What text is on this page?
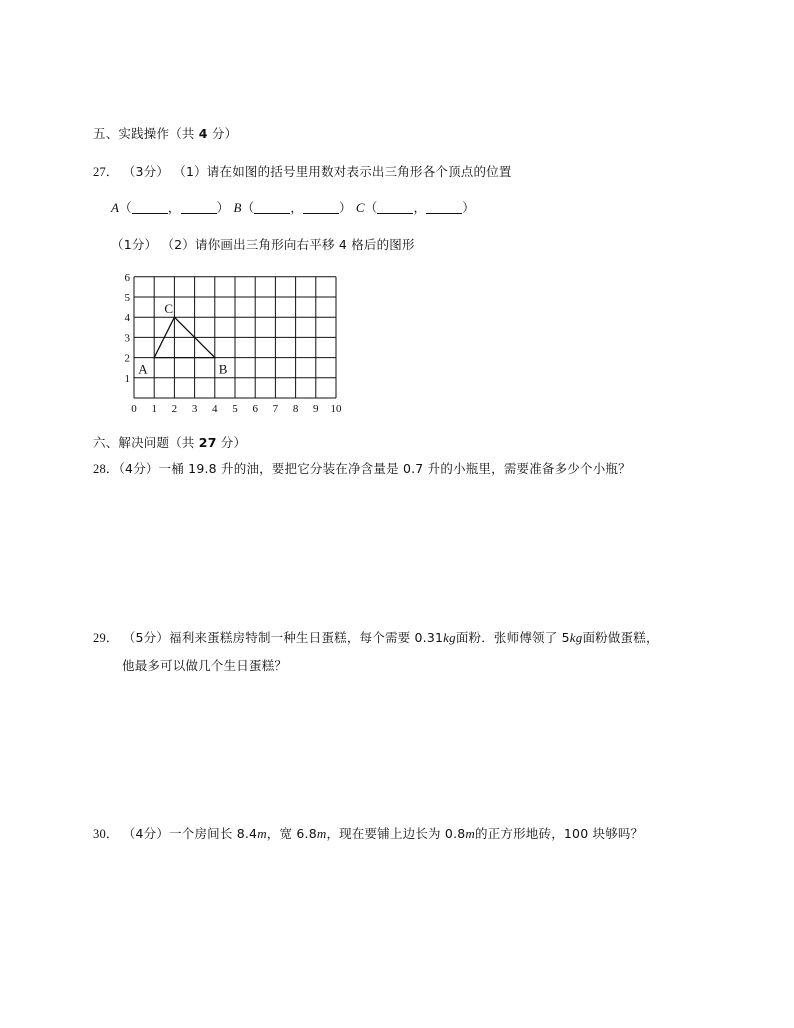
五、实践操作（共 4 分）
27． （3分） （1）请在如图的括号里用数对表示出三角形各个顶点的位置
A（	，	） B（	，	） C（	，	）
（1分） （2）请你画出三角形向右平移 4 格后的图形
0 1 2 3 4 5 6 7 8 9 10
1
2
3
4
5
6
A	B
C
六、解决问题（共 27 分）
28．（4分）一桶 19.8 升的油，要把它分装在净含量是 0.7 升的小瓶里，需要准备多少个小瓶？
29． （5分）福利来蛋糕房特制一种生日蛋糕，每个需要 0.31kg面粉．张师傅领了 5kg面粉做蛋糕，
他最多可以做几个生日蛋糕？
30． （4分）一个房间长 8.4m，宽 6.8m，现在要铺上边长为 0.8m的正方形地砖，100 块够吗？
